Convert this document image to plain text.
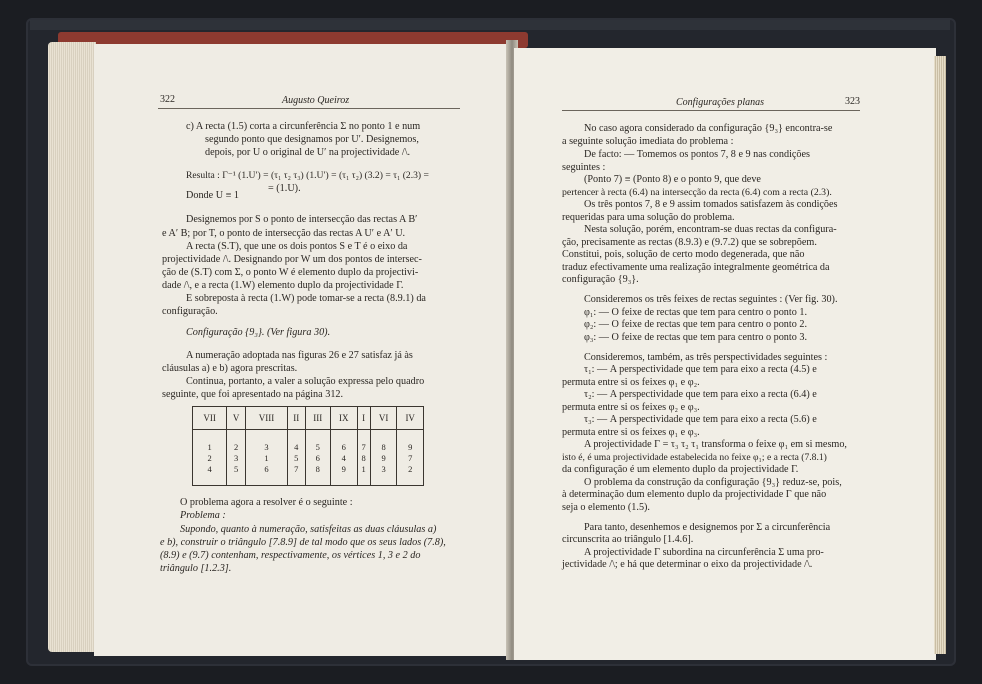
322	Augusto Queiroz
c) A recta (1.5) corta a circunferência Σ no ponto 1 e num
segundo ponto que designamos por U′. Designemos,
depois, por U o original de U′ na projectividade /\.
Resulta : Γ⁻¹ (1.U′) = (τ₁ τ₂ τ₃) (1.U′) = (τ₁ τ₂) (3.2) = τ₁ (2.3) =
= (1.U).
Donde U ≡ 1
Designemos por S o ponto de intersecção das rectas A B′
e A′ B; por T, o ponto de intersecção das rectas A U′ e A′ U.
A recta (S.T), que une os dois pontos S e T é o eixo da
projectividade /\. Designando por W um dos pontos de intersec-
ção de (S.T) com Σ, o ponto W é elemento duplo da projectivi-
dade /\, e a recta (1.W) elemento duplo da projectividade Γ.
E sobreposta à recta (1.W) pode tomar-se a recta (8.9.1) da
configuração.
Configuração {9₃}. (Ver figura 30).
A numeração adoptada nas figuras 26 e 27 satisfaz já às
cláusulas a) e b) agora prescritas.
Continua, portanto, a valer a solução expressa pelo quadro
seguinte, que foi apresentado na página 312.
O problema agora a resolver é o seguinte :
Problema :
Supondo, quanto à numeração, satisfeitas as duas cláusulas a)
e b), construir o triângulo [7.8.9] de tal modo que os seus lados (7.8),
(8.9) e (9.7) contenham, respectivamente, os vértices 1, 3 e 2 do
triângulo [1.2.3].
VII	V	VIII	II	III	IX	I	VI	IV
1	2	3	4	5	6	7	8	9
2	3	1	5	6	4	8	9	7
4	5	6	7	8	9	1	3	2
Configurações planas	323
No caso agora considerado da configuração {9₃} encontra-se
a seguinte solução imediata do problema :
De facto: — Tomemos os pontos 7, 8 e 9 nas condições
seguintes :
(Ponto 7) ≡ (Ponto 8) e o ponto 9, que deve
pertencer à recta (6.4) na intersecção da recta (6.4) com a recta (2.3).
Os três pontos 7, 8 e 9 assim tomados satisfazem às condições
requeridas para uma solução do problema.
Nesta solução, porém, encontram-se duas rectas da configura-
ção, precisamente as rectas (8.9.3) e (9.7.2) que se sobrepõem.
Constitui, pois, solução de certo modo degenerada, que não
traduz efectivamente uma realização integralmente geométrica da
configuração {9₃}.
Consideremos os três feixes de rectas seguintes : (Ver fig. 30).
φ₁: — O feixe de rectas que tem para centro o ponto 1.
φ₂: — O feixe de rectas que tem para centro o ponto 2.
φ₃: — O feixe de rectas que tem para centro o ponto 3.
Consideremos, também, as três perspectividades seguintes :
τ₁: — A perspectividade que tem para eixo a recta (4.5) e
permuta entre si os feixes φ₁ e φ₂.
τ₂: — A perspectividade que tem para eixo a recta (6.4) e
permuta entre si os feixes φ₂ e φ₃.
τ₃: — A perspectividade que tem para eixo a recta (5.6) e
permuta entre si os feixes φ₁ e φ₃.
A projectividade Γ = τ₃ τ₂ τ₁ transforma o feixe φ₁ em si mesmo,
isto é, é uma projectividade estabelecida no feixe φ₁; e a recta (7.8.1)
da configuração é um elemento duplo da projectividade Γ.
O problema da construção da configuração {9₃} reduz-se, pois,
à determinação dum elemento duplo da projectividade Γ que não
seja o elemento (1.5).
Para tanto, desenhemos e designemos por Σ a circunferência
circunscrita ao triângulo [1.4.6].
A projectividade Γ subordina na circunferência Σ uma pro-
jectividade /\; e há que determinar o eixo da projectividade /\.
